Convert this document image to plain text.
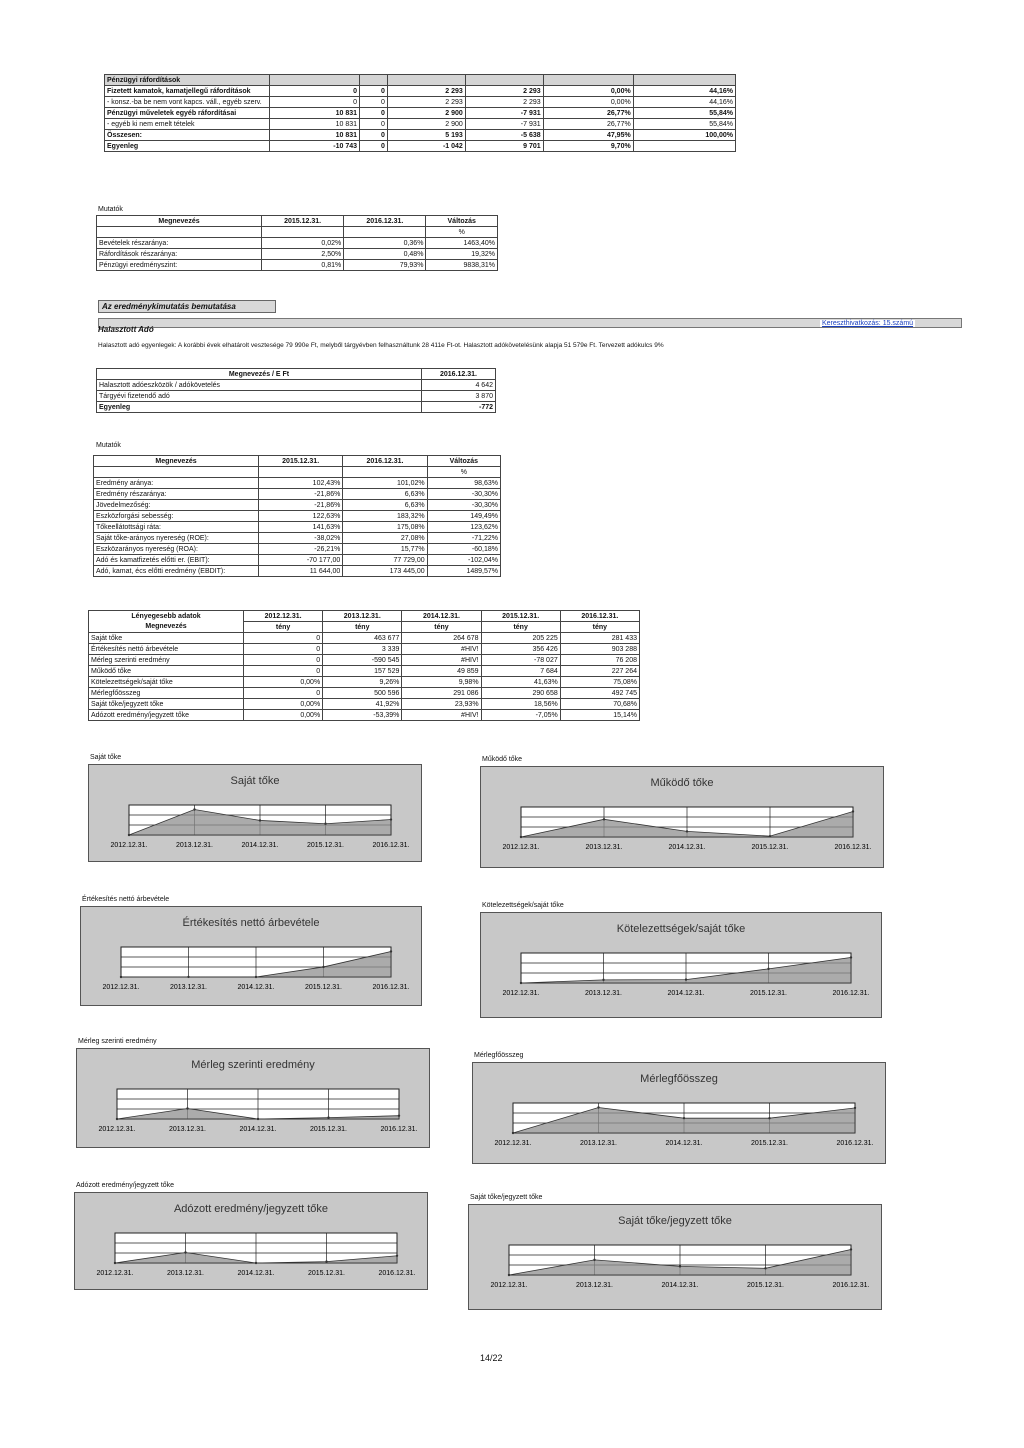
Pénzügyi ráfordítások						
Fizetett kamatok, kamatjellegű ráfordítások	0	0	2 293	2 293	0,00%	44,16%
- konsz.-ba be nem vont kapcs. váll., egyéb szerv.	0	0	2 293	2 293	0,00%	44,16%
Pénzügyi műveletek egyéb ráfordításai	10 831	0	2 900	-7 931	26,77%	55,84%
- egyéb ki nem emelt tételek	10 831	0	2 900	-7 931	26,77%	55,84%
Összesen:	10 831	0	5 193	-5 638	47,95%	100,00%
Egyenleg	-10 743	0	-1 042	9 701	9,70%	
Mutatók
Megnevezés	2015.12.31.	2016.12.31.	Változás
			%
Bevételek részaránya:	0,02%	0,36%	1463,40%
Ráfordítások részaránya:	2,50%	0,48%	19,32%
Pénzügyi eredményszint:	0,81%	79,93%	9838,31%
Az eredménykimutatás bemutatása
Kereszthivatkozás: 15.számú
Halasztott Adó
Halasztott adó egyenlegek: A korábbi évek elhatárolt vesztesége 79 990e Ft, melyből tárgyévben felhasználtunk 28 411e Ft-ot. Halasztott adókövetelésünk alapja 51 579e Ft. Tervezett adókulcs 9%
Megnevezés / E Ft	2016.12.31.
Halasztott adóeszközök / adókövetelés	4 642
Tárgyévi fizetendő adó	3 870
Egyenleg	-772
Mutatók
Megnevezés	2015.12.31.	2016.12.31.	Változás
			%
Eredmény aránya:	102,43%	101,02%	98,63%
Eredmény részaránya:	-21,86%	6,63%	-30,30%
Jövedelmezőség:	-21,86%	6,63%	-30,30%
Eszközforgási sebesség:	122,63%	183,32%	149,49%
Tőkeellátottsági ráta:	141,63%	175,08%	123,62%
Saját tőke-arányos nyereség (ROE):	-38,02%	27,08%	-71,22%
Eszközarányos nyereség (ROA):	-26,21%	15,77%	-60,18%
Adó és kamatfizetés előtti er. (EBIT):	-70 177,00	77 729,00	-102,04%
Adó, kamat, écs előtti eredmény (EBDIT):	11 644,00	173 445,00	1489,57%
Lényegesebb adatok	2012.12.31.	2013.12.31.	2014.12.31.	2015.12.31.	2016.12.31.
Megnevezés	tény	tény	tény	tény	tény
Saját tőke	0	463 677	264 678	205 225	281 433
Értékesítés nettó árbevétele	0	3 339	#HIV!	356 426	903 288
Mérleg szerinti eredmény	0	-590 545	#HIV!	-78 027	76 208
Működő tőke	0	157 529	49 859	7 684	227 264
Kötelezettségek/saját tőke	0,00%	9,26%	9,98%	41,63%	75,08%
Mérlegfőösszeg	0	500 596	291 086	290 658	492 745
Saját tőke/jegyzett tőke	0,00%	41,92%	23,93%	18,56%	70,68%
Adózott eredmény/jegyzett tőke	0,00%	-53,39%	#HIV!	-7,05%	15,14%
Saját tőke
Saját tőke
2012.12.31.	2013.12.31.	2014.12.31.	2015.12.31.	2016.12.31.
Működő tőke
Működő tőke
2012.12.31.	2013.12.31.	2014.12.31.	2015.12.31.	2016.12.31.
Értékesítés nettó árbevétele
Értékesítés nettó árbevétele
2012.12.31.	2013.12.31.	2014.12.31.	2015.12.31.	2016.12.31.
Kötelezettségek/saját tőke
Kötelezettségek/saját tőke
2012.12.31.	2013.12.31.	2014.12.31.	2015.12.31.	2016.12.31.
Mérleg szerinti eredmény
Mérleg szerinti eredmény
2012.12.31.	2013.12.31.	2014.12.31.	2015.12.31.	2016.12.31.
Mérlegfőösszeg
Mérlegfőösszeg
2012.12.31.	2013.12.31.	2014.12.31.	2015.12.31.	2016.12.31.
Adózott eredmény/jegyzett tőke
Adózott eredmény/jegyzett tőke
2012.12.31.	2013.12.31.	2014.12.31.	2015.12.31.	2016.12.31.
Saját tőke/jegyzett tőke
Saját tőke/jegyzett tőke
2012.12.31.	2013.12.31.	2014.12.31.	2015.12.31.	2016.12.31.
14/22
